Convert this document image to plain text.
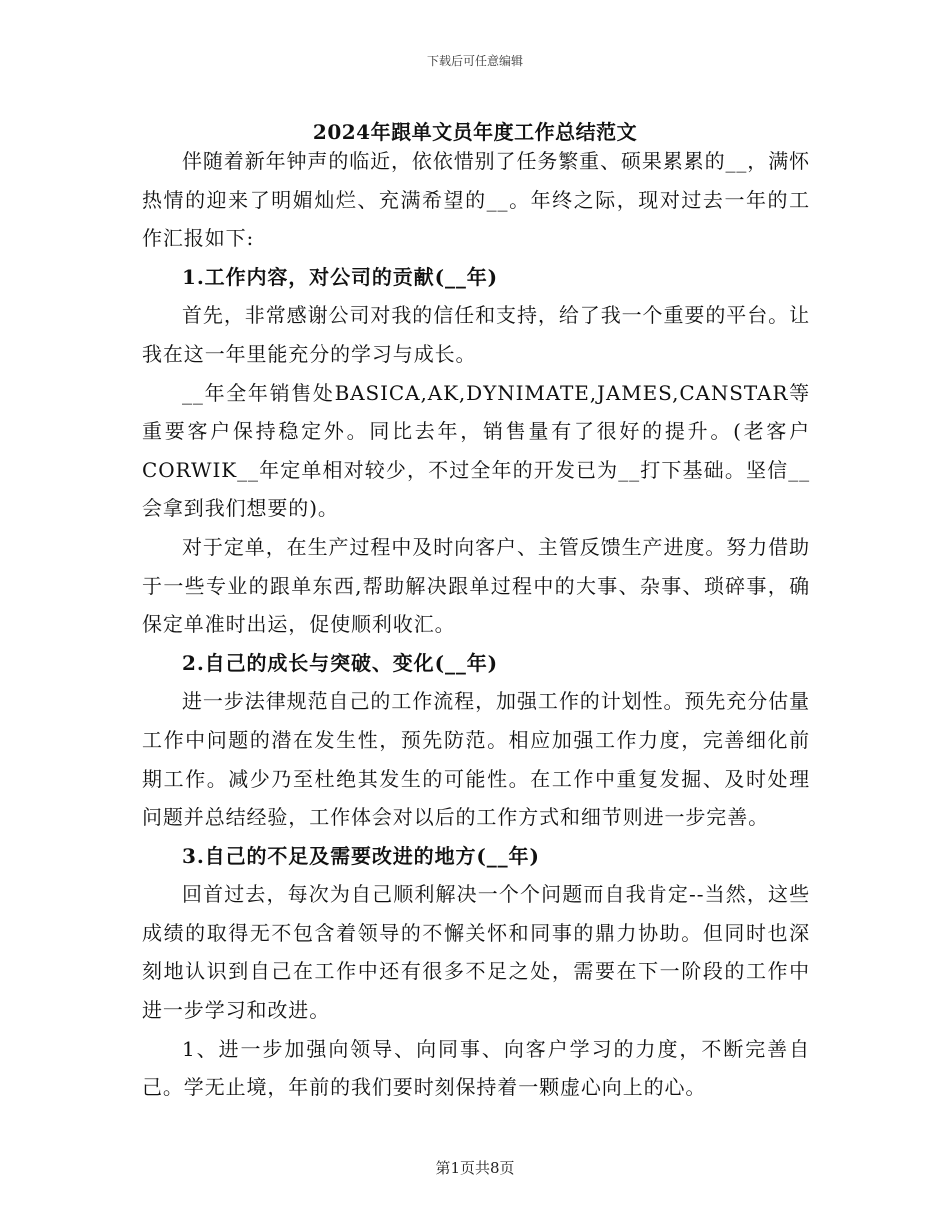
下载后可任意编辑
2024年跟单文员年度工作总结范文

伴随着新年钟声的临近，依依惜别了任务繁重、硕果累累的__，满怀热情的迎来了明媚灿烂、充满希望的__。年终之际，现对过去一年的工作汇报如下:

1.工作内容，对公司的贡献(__年)

首先，非常感谢公司对我的信任和支持，给了我一个重要的平台。让我在这一年里能充分的学习与成长。

__年全年销售处BASICA,AK,DYNIMATE,JAMES,CANSTAR等重要客户保持稳定外。同比去年，销售量有了很好的提升。(老客户CORWIK__年定单相对较少，不过全年的开发已为__打下基础。坚信__会拿到我们想要的)。

对于定单，在生产过程中及时向客户、主管反馈生产进度。努力借助于一些专业的跟单东西,帮助解决跟单过程中的大事、杂事、琐碎事，确保定单准时出运，促使顺利收汇。

2.自己的成长与突破、变化(__年)

进一步法律规范自己的工作流程，加强工作的计划性。预先充分估量工作中问题的潜在发生性，预先防范。相应加强工作力度，完善细化前期工作。减少乃至杜绝其发生的可能性。在工作中重复发掘、及时处理问题并总结经验，工作体会对以后的工作方式和细节则进一步完善。

3.自己的不足及需要改进的地方(__年)

回首过去，每次为自己顺利解决一个个问题而自我肯定--当然，这些成绩的取得无不包含着领导的不懈关怀和同事的鼎力协助。但同时也深刻地认识到自己在工作中还有很多不足之处，需要在下一阶段的工作中进一步学习和改进。

1、进一步加强向领导、向同事、向客户学习的力度，不断完善自己。学无止境，年前的我们要时刻保持着一颗虚心向上的心。

第1页共8页
